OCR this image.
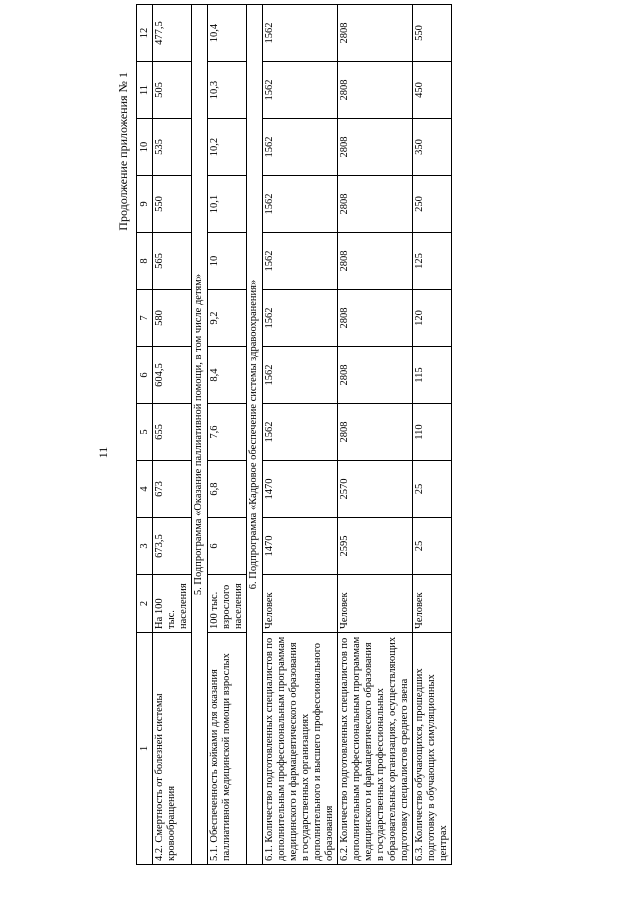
11
Продолжение приложения № 1
1	2	3	4	5	6	7	8	9	10	11	12
4.2. Смертность от болезней системы кровообращения	На 100 тыс. населения	673,5	673	655	604,5	580	565	550	535	505	477,5
5. Подпрограмма «Оказание паллиативной помощи, в том числе детям»											
5.1. Обеспеченность койками для оказания паллиативной медицинской помощи взрослых	100 тыс. взрослого населения	6	6,8	7,6	8,4	9,2	10	10,1	10,2	10,3	10,4
6. Подпрограмма «Кадровое обеспечение системы здравоохранения»											
6.1. Количество подготовленных специалистов по дополнительным профессиональным программам медицинского и фармацевтического образования в государственных организациях дополнительного и высшего профессионального образования	Человек	1470	1470	1562	1562	1562	1562	1562	1562	1562	1562
6.2. Количество подготовленных специалистов по дополнительным профессиональным программам медицинского и фармацевтического образования в государственных профессиональных образовательных организациях, осуществляющих подготовку специалистов среднего звена	Человек	2595	2570	2808	2808	2808	2808	2808	2808	2808	2808
6.3. Количество обучающихся, прошедших подготовку в обучающих симуляционных центрах	Человек	25	25	110	115	120	125	250	350	450	550
